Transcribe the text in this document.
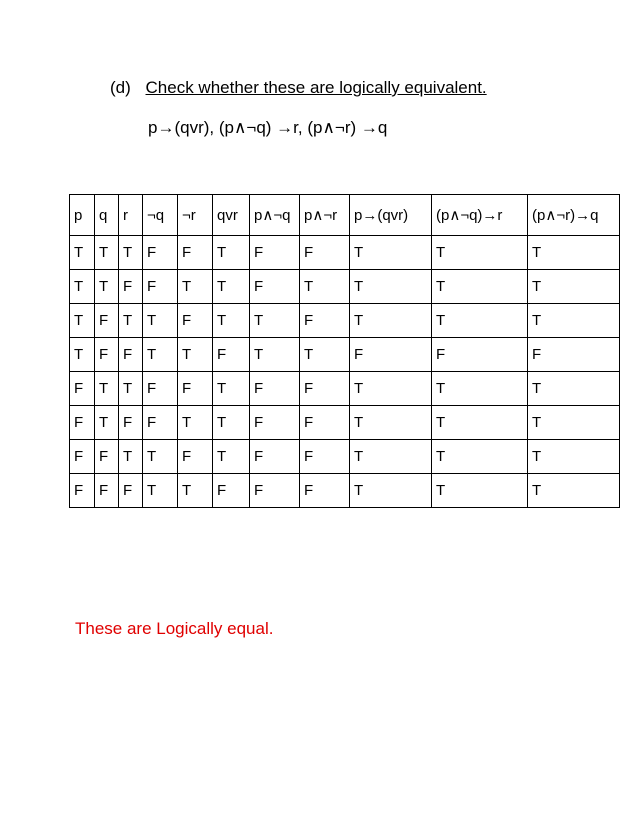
(d) Check whether these are logically equivalent.
p→(qvr), (p∧¬q) →r, (p∧¬r) →q
p	q	r	¬q	¬r	qvr	p∧¬q	p∧¬r	p→(qvr)	(p∧¬q)→r	(p∧¬r)→q
T	T	T	F	F	T	F	F	T	T	T
T	T	F	F	T	T	F	T	T	T	T
T	F	T	T	F	T	T	F	T	T	T
T	F	F	T	T	F	T	T	F	F	F
F	T	T	F	F	T	F	F	T	T	T
F	T	F	F	T	T	F	F	T	T	T
F	F	T	T	F	T	F	F	T	T	T
F	F	F	T	T	F	F	F	T	T	T
These are Logically equal.
